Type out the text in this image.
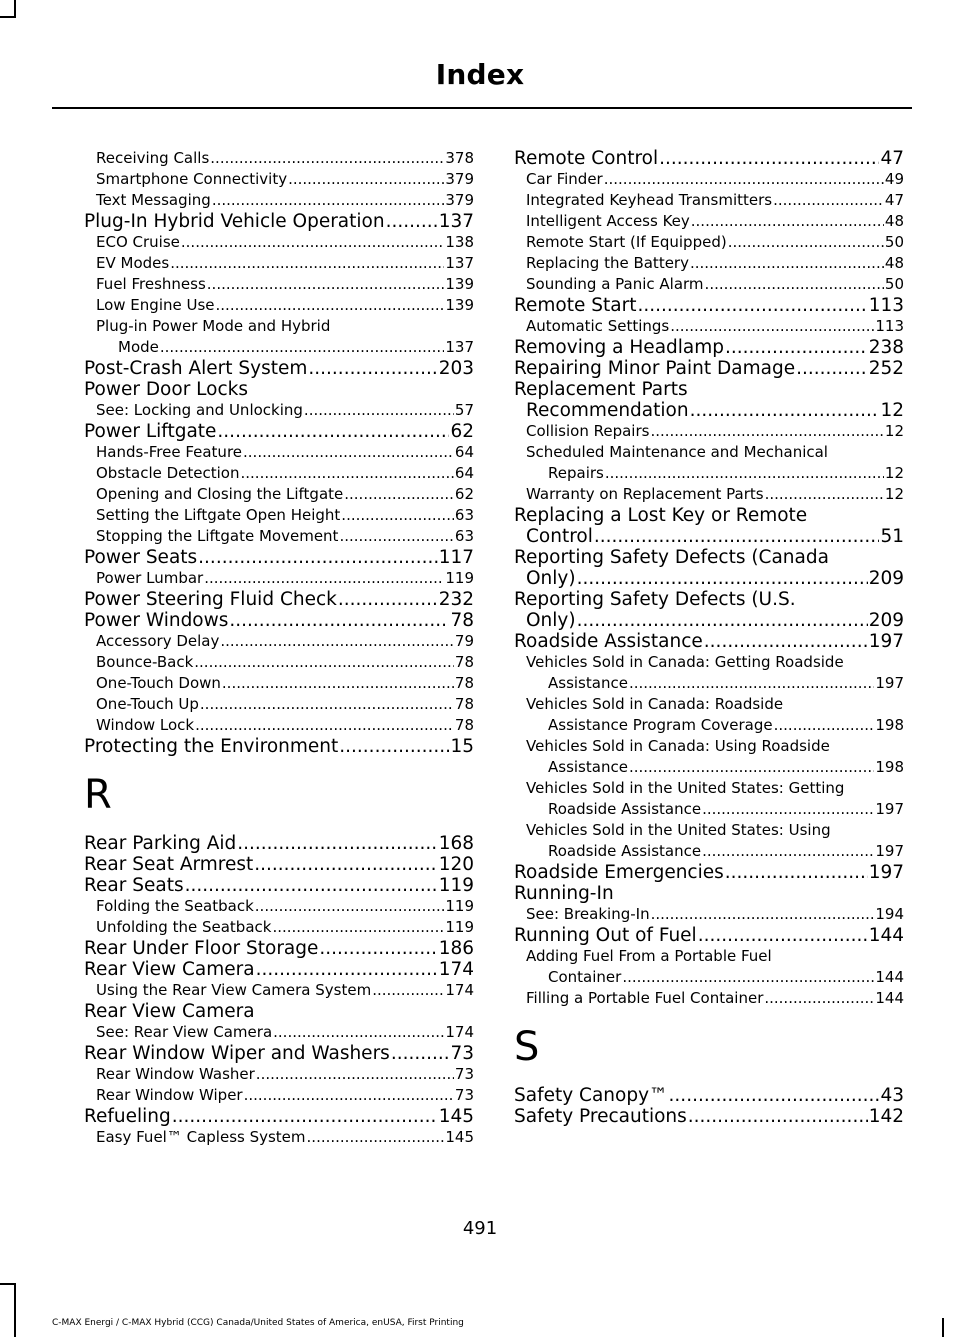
Index
Receiving Calls .....	378
Smartphone Connectivity .....	379
Text Messaging .....	379
Plug-In Hybrid Vehicle Operation .....	137
ECO Cruise .....	138
EV Modes .....	137
Fuel Freshness .....	139
Low Engine Use .....	139
Plug-in Power Mode and Hybrid
Mode .....	137
Post-Crash Alert System .....	203
Power Door Locks
See: Locking and Unlocking .....	57
Power Liftgate .....	62
Hands-Free Feature .....	64
Obstacle Detection .....	64
Opening and Closing the Liftgate .....	62
Setting the Liftgate Open Height .....	63
Stopping the Liftgate Movement .....	63
Power Seats .....	117
Power Lumbar .....	119
Power Steering Fluid Check .....	232
Power Windows .....	78
Accessory Delay .....	79
Bounce-Back .....	78
One-Touch Down .....	78
One-Touch Up .....	78
Window Lock .....	78
Protecting the Environment .....	15
R
Rear Parking Aid .....	168
Rear Seat Armrest .....	120
Rear Seats .....	119
Folding the Seatback .....	119
Unfolding the Seatback .....	119
Rear Under Floor Storage .....	186
Rear View Camera .....	174
Using the Rear View Camera System .....	174
Rear View Camera
See: Rear View Camera .....	174
Rear Window Wiper and Washers .....	73
Rear Window Washer .....	73
Rear Window Wiper .....	73
Refueling .....	145
Easy Fuel™ Capless System .....	145
Remote Control .....	47
Car Finder .....	49
Integrated Keyhead Transmitters .....	47
Intelligent Access Key .....	48
Remote Start (If Equipped) .....	50
Replacing the Battery .....	48
Sounding a Panic Alarm .....	50
Remote Start .....	113
Automatic Settings .....	113
Removing a Headlamp .....	238
Repairing Minor Paint Damage .....	252
Replacement Parts
Recommendation .....	12
Collision Repairs .....	12
Scheduled Maintenance and Mechanical
Repairs .....	12
Warranty on Replacement Parts .....	12
Replacing a Lost Key or Remote
Control .....	51
Reporting Safety Defects (Canada
Only) .....	209
Reporting Safety Defects (U.S.
Only) .....	209
Roadside Assistance .....	197
Vehicles Sold in Canada: Getting Roadside
Assistance .....	197
Vehicles Sold in Canada: Roadside
Assistance Program Coverage .....	198
Vehicles Sold in Canada: Using Roadside
Assistance .....	198
Vehicles Sold in the United States: Getting
Roadside Assistance .....	197
Vehicles Sold in the United States: Using
Roadside Assistance .....	197
Roadside Emergencies .....	197
Running-In
See: Breaking-In .....	194
Running Out of Fuel .....	144
Adding Fuel From a Portable Fuel
Container .....	144
Filling a Portable Fuel Container .....	144
S
Safety Canopy™ .....	43
Safety Precautions .....	142
491
C-MAX Energi / C-MAX Hybrid (CCG) Canada/United States of America, enUSA, First Printing
